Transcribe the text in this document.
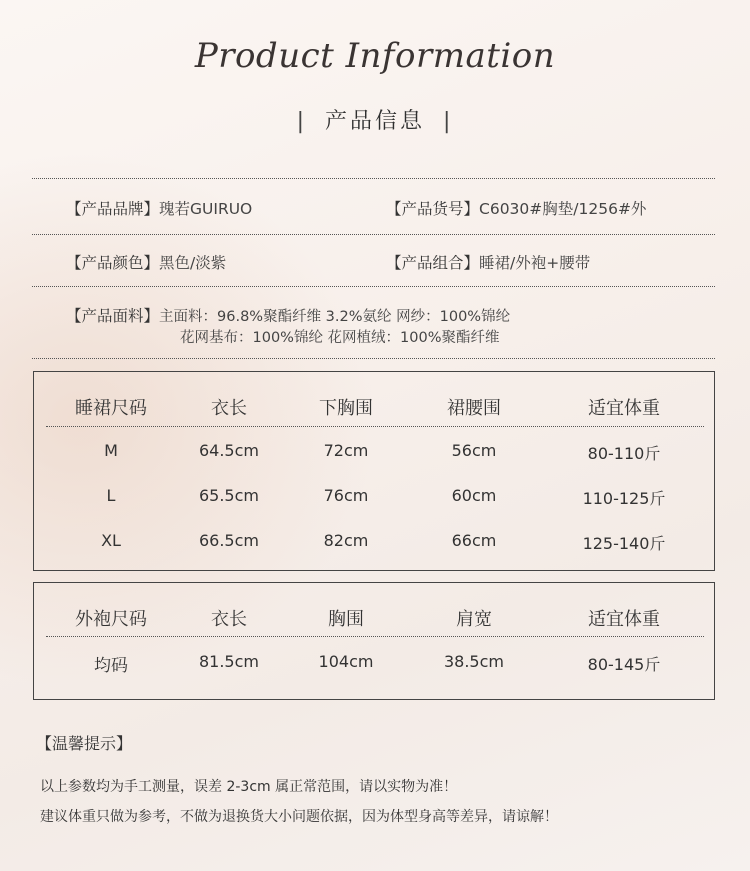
Product Information
| 产品信息 |
【产品品牌】瑰若GUIRUO	【产品货号】C6030#胸垫/1256#外
【产品颜色】黑色/淡紫	【产品组合】睡裙/外袍+腰带
【产品面料】主面料：96.8%聚酯纤维 3.2%氨纶 网纱：100%锦纶
花网基布：100%锦纶 花网植绒：100%聚酯纤维
睡裙尺码	衣长	下胸围	裙腰围	适宜体重
M	64.5cm	72cm	56cm	80-110斤
L	65.5cm	76cm	60cm	110-125斤
XL	66.5cm	82cm	66cm	125-140斤
外袍尺码	衣长	胸围	肩宽	适宜体重
均码	81.5cm	104cm	38.5cm	80-145斤
【温馨提示】
以上参数均为手工测量，误差 2-3cm 属正常范围，请以实物为准！
建议体重只做为参考，不做为退换货大小问题依据，因为体型身高等差异，请谅解！
